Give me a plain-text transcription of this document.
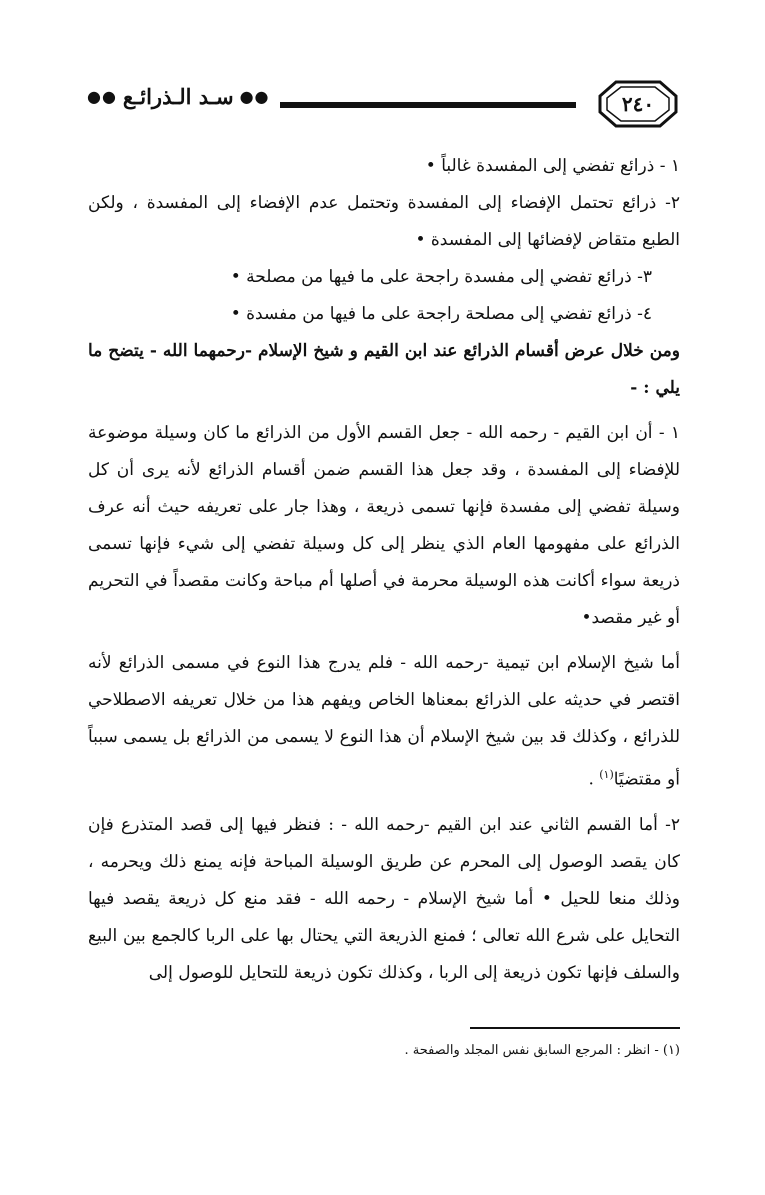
٢٤٠
●●
سـد الـذرائـع
●●

١ - ذرائع تفضي إلى المفسدة غالباً •

٢- ذرائع تحتمل الإفضاء إلى المفسدة وتحتمل عدم الإفضاء إلى المفسدة ، ولكن الطبع متقاض لإفضائها إلى المفسدة •

٣- ذرائع تفضي إلى مفسدة راجحة على ما فيها من مصلحة •

٤- ذرائع تفضي إلى مصلحة راجحة على ما فيها من مفسدة •

ومن خلال عرض أقسام الذرائع عند ابن القيم و شيخ الإسلام -رحمهما الله - يتضح ما يلي : -

١ - أن ابن القيم - رحمه الله - جعل القسم الأول من الذرائع ما كان وسيلة موضوعة للإفضاء إلى المفسدة ، وقد جعل هذا القسم ضمن أقسام الذرائع لأنه يرى أن كل وسيلة تفضي إلى مفسدة فإنها تسمى ذريعة ، وهذا جار على تعريفه حيث أنه عرف الذرائع على مفهومها العام الذي ينظر إلى كل وسيلة تفضي إلى شيء فإنها تسمى ذريعة سواء أكانت هذه الوسيلة محرمة في أصلها أم مباحة وكانت مقصداً في التحريم أو غير مقصد•

أما شيخ الإسلام ابن تيمية -رحمه الله - فلم يدرج هذا النوع في مسمى الذرائع لأنه اقتصر في حديثه على الذرائع بمعناها الخاص ويفهم هذا من خلال تعريفه الاصطلاحي للذرائع ، وكذلك قد بين شيخ الإسلام أن هذا النوع لا يسمى من الذرائع بل يسمى سبباً أو مقتضيًا$^{(١)}$ .

٢- أما القسم الثاني عند ابن القيم -رحمه الله - : فنظر فيها إلى قصد المتذرع فإن كان يقصد الوصول إلى المحرم عن طريق الوسيلة المباحة فإنه يمنع ذلك ويحرمه ، وذلك منعا للحيل • أما شيخ الإسلام - رحمه الله - فقد منع كل ذريعة يقصد فيها التحايل على شرع الله تعالى ؛ فمنع الذريعة التي يحتال بها على الربا كالجمع بين البيع والسلف فإنها تكون ذريعة إلى الربا ، وكذلك تكون ذريعة للتحايل للوصول إلى

(١) - انظر : المرجع السابق نفس المجلد والصفحة .
